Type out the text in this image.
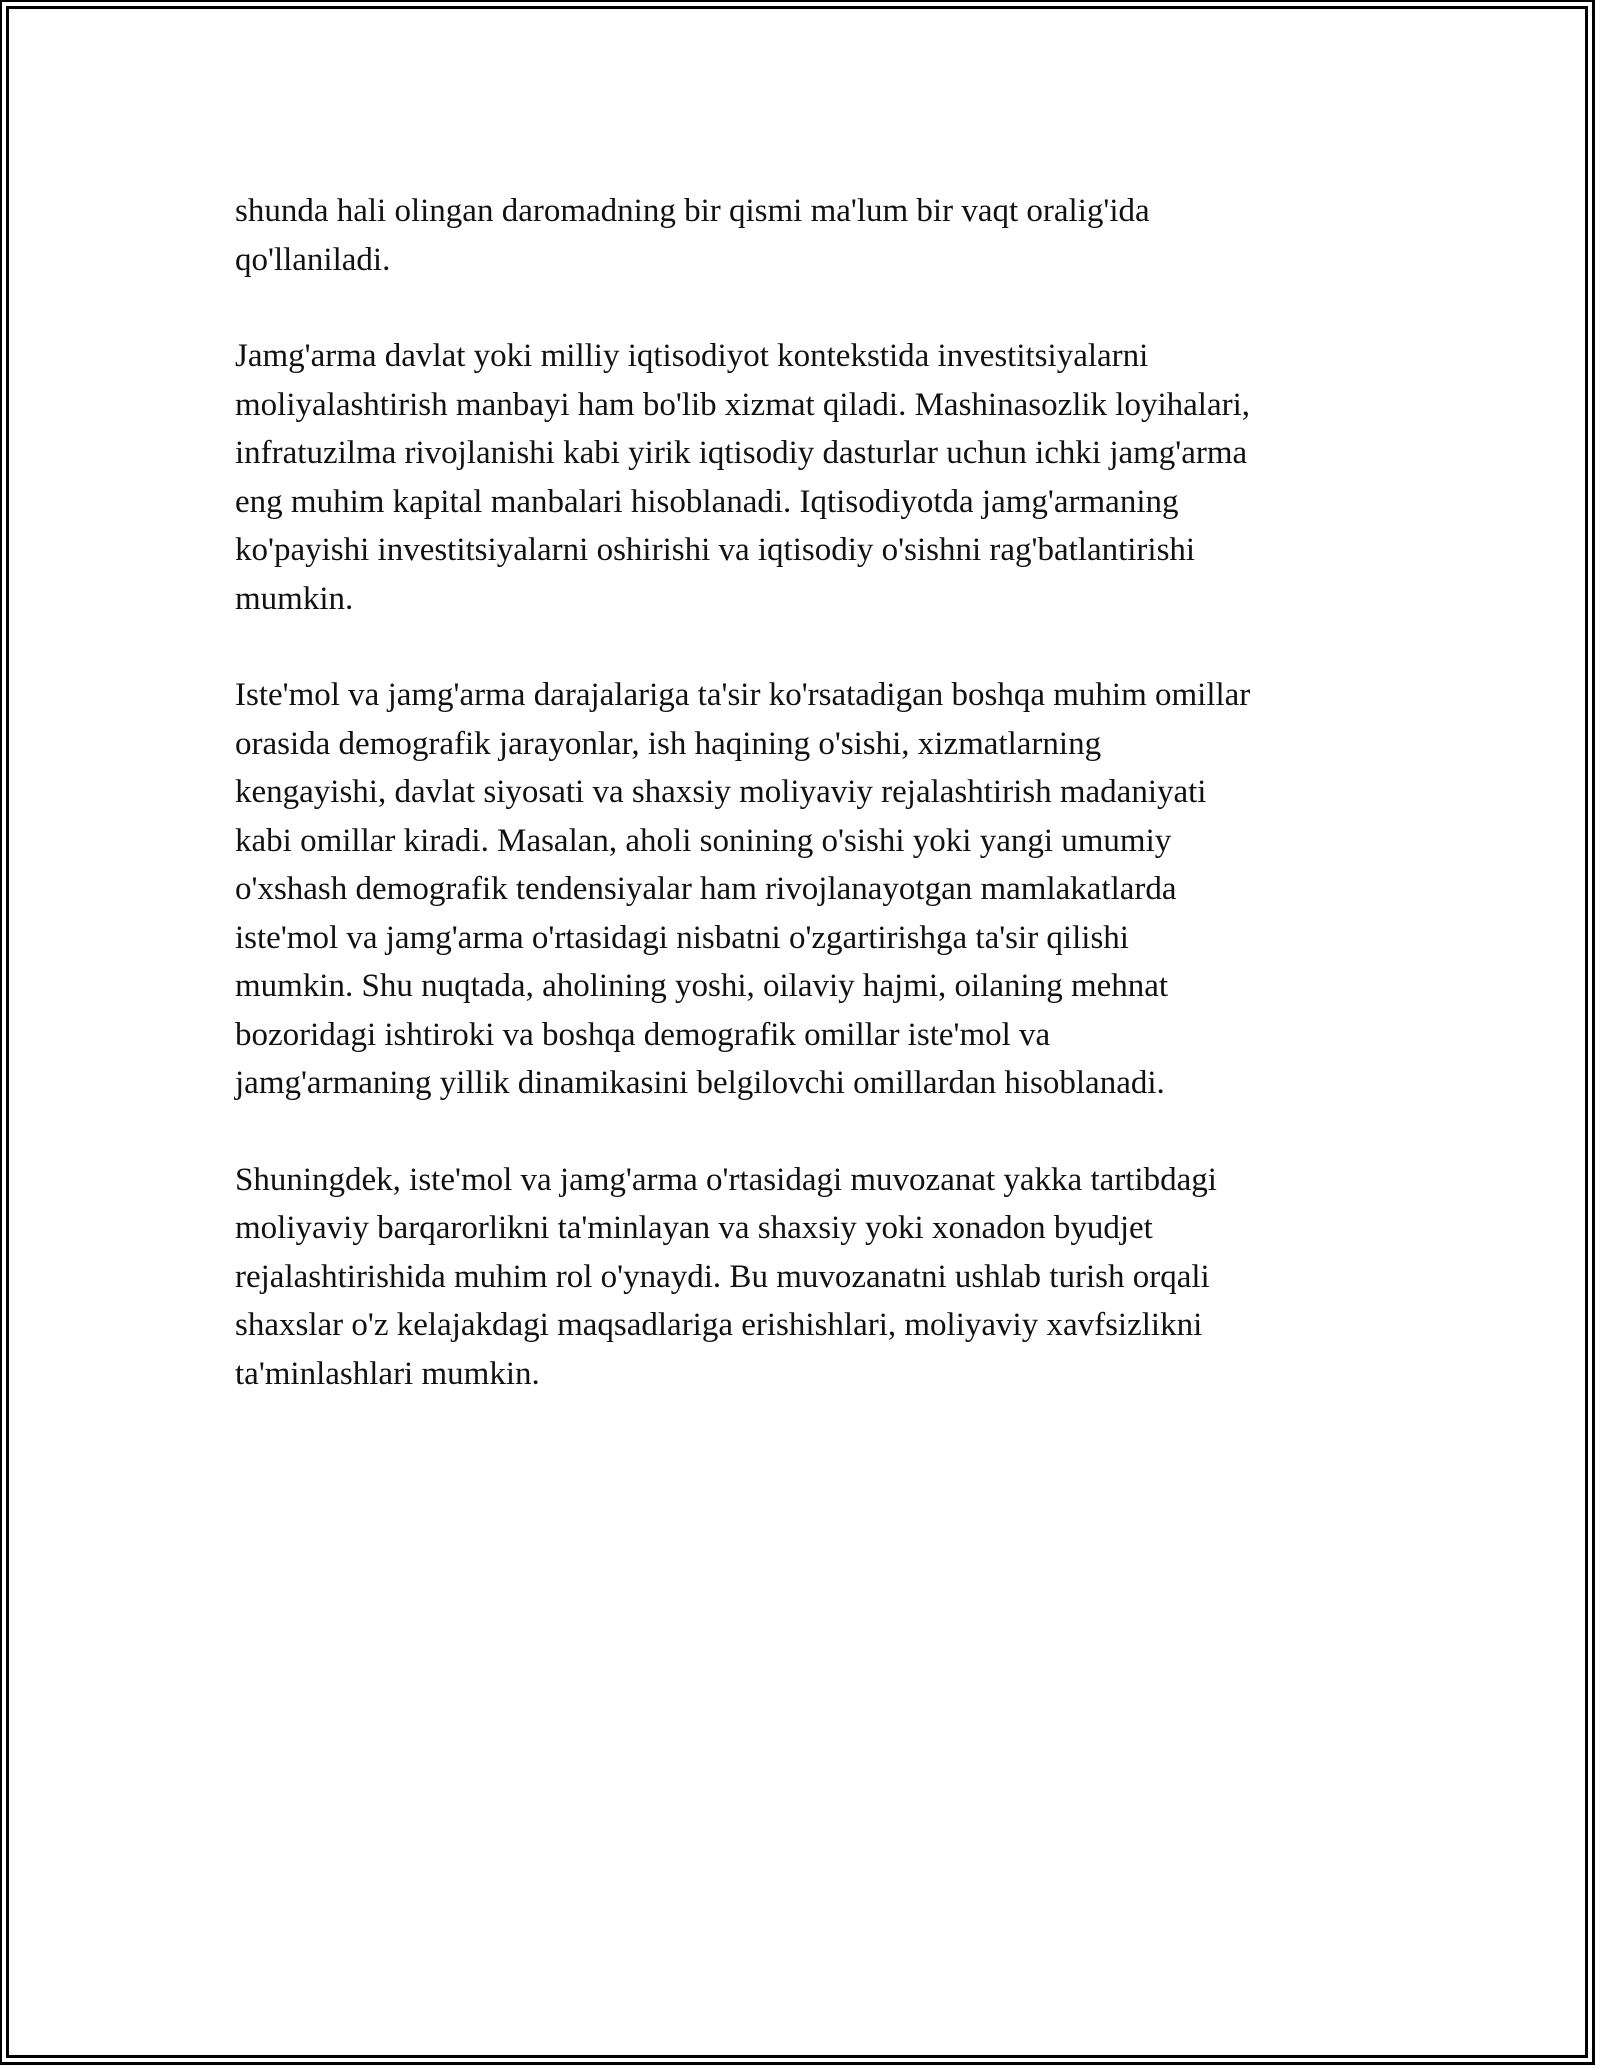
shunda hali olingan daromadning bir qismi ma'lum bir vaqt oralig'ida
qo'llaniladi.

Jamg'arma davlat yoki milliy iqtisodiyot kontekstida investitsiyalarni
moliyalashtirish manbayi ham bo'lib xizmat qiladi. Mashinasozlik loyihalari,
infratuzilma rivojlanishi kabi yirik iqtisodiy dasturlar uchun ichki jamg'arma
eng muhim kapital manbalari hisoblanadi. Iqtisodiyotda jamg'armaning
ko'payishi investitsiyalarni oshirishi va iqtisodiy o'sishni rag'batlantirishi
mumkin.

Iste'mol va jamg'arma darajalariga ta'sir ko'rsatadigan boshqa muhim omillar
orasida demografik jarayonlar, ish haqining o'sishi, xizmatlarning
kengayishi, davlat siyosati va shaxsiy moliyaviy rejalashtirish madaniyati
kabi omillar kiradi. Masalan, aholi sonining o'sishi yoki yangi umumiy
o'xshash demografik tendensiyalar ham rivojlanayotgan mamlakatlarda
iste'mol va jamg'arma o'rtasidagi nisbatni o'zgartirishga ta'sir qilishi
mumkin. Shu nuqtada, aholining yoshi, oilaviy hajmi, oilaning mehnat
bozoridagi ishtiroki va boshqa demografik omillar iste'mol va
jamg'armaning yillik dinamikasini belgilovchi omillardan hisoblanadi.

Shuningdek, iste'mol va jamg'arma o'rtasidagi muvozanat yakka tartibdagi
moliyaviy barqarorlikni ta'minlayan va shaxsiy yoki xonadon byudjet
rejalashtirishida muhim rol o'ynaydi. Bu muvozanatni ushlab turish orqali
shaxslar o'z kelajakdagi maqsadlariga erishishlari, moliyaviy xavfsizlikni
ta'minlashlari mumkin.
